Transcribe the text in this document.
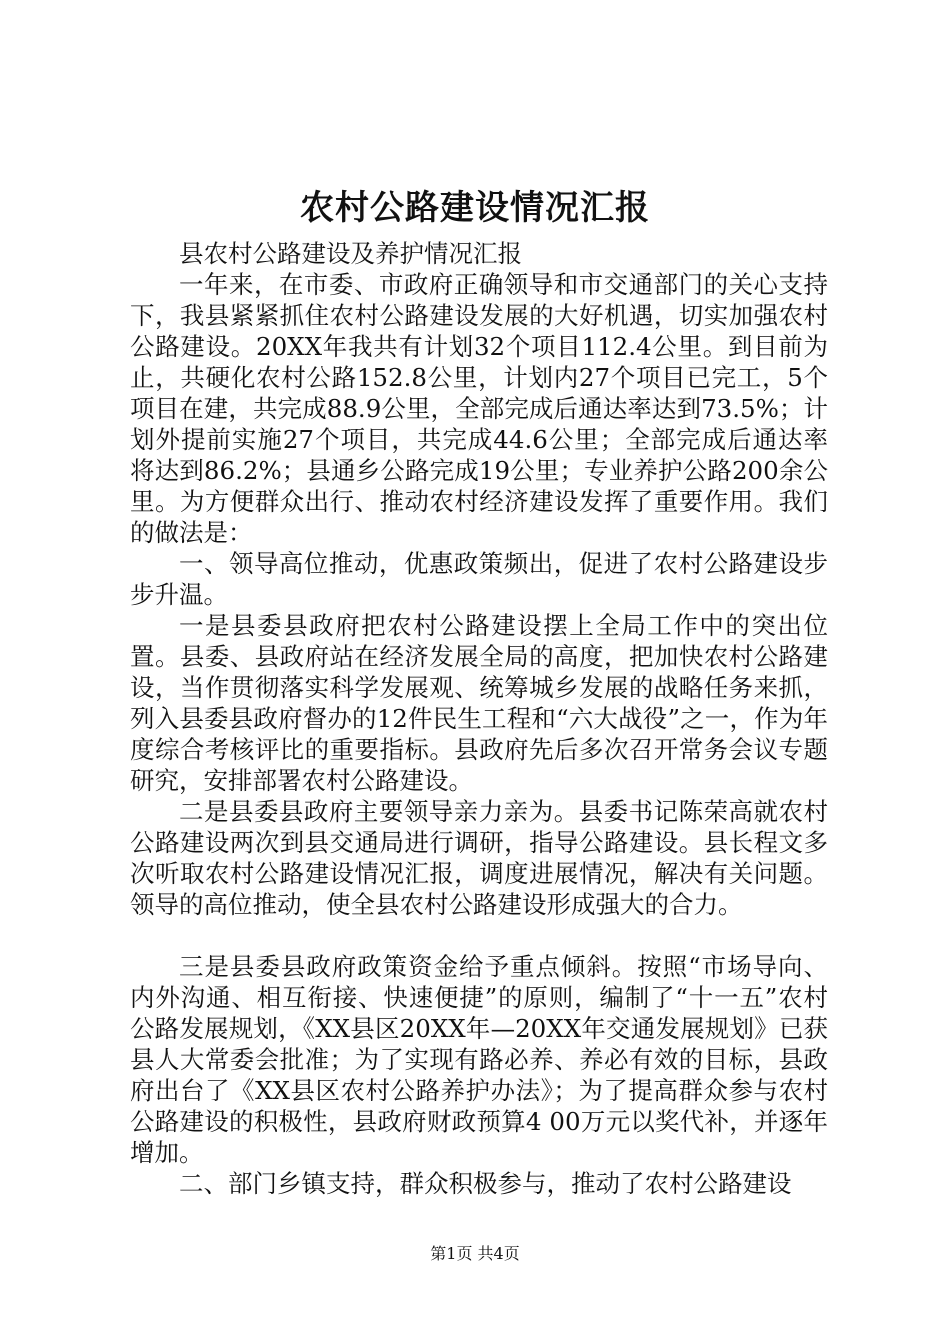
农村公路建设情况汇报

县农村公路建设及养护情况汇报

一年来，在市委、市政府正确领导和市交通部门的关心支持下，我县紧紧抓住农村公路建设发展的大好机遇，切实加强农村公路建设。20XX年我共有计划32个项目112.4公里。到目前为止，共硬化农村公路152.8公里，计划内27个项目已完工，5个项目在建，共完成88.9公里，全部完成后通达率达到73.5%；计划外提前实施27个项目，共完成44.6公里；全部完成后通达率将达到86.2%；县通乡公路完成19公里；专业养护公路200余公里。为方便群众出行、推动农村经济建设发挥了重要作用。我们的做法是：

一、领导高位推动，优惠政策频出，促进了农村公路建设步步升温。

一是县委县政府把农村公路建设摆上全局工作中的突出位置。县委、县政府站在经济发展全局的高度，把加快农村公路建设，当作贯彻落实科学发展观、统筹城乡发展的战略任务来抓，列入县委县政府督办的12件民生工程和“六大战役”之一，作为年度综合考核评比的重要指标。县政府先后多次召开常务会议专题研究，安排部署农村公路建设。

二是县委县政府主要领导亲力亲为。县委书记陈荣高就农村公路建设两次到县交通局进行调研，指导公路建设。县长程文多次听取农村公路建设情况汇报，调度进展情况，解决有关问题。领导的高位推动，使全县农村公路建设形成强大的合力。

三是县委县政府政策资金给予重点倾斜。按照“市场导向、内外沟通、相互衔接、快速便捷”的原则，编制了“十一五”农村公路发展规划，《XX县区20XX年—20XX年交通发展规划》已获县人大常委会批准；为了实现有路必养、养必有效的目标，县政府出台了《XX县区农村公路养护办法》；为了提高群众参与农村公路建设的积极性，县政府财政预算4 00万元以奖代补，并逐年增加。

二、部门乡镇支持，群众积极参与，推动了农村公路建设

第1页 共4页
